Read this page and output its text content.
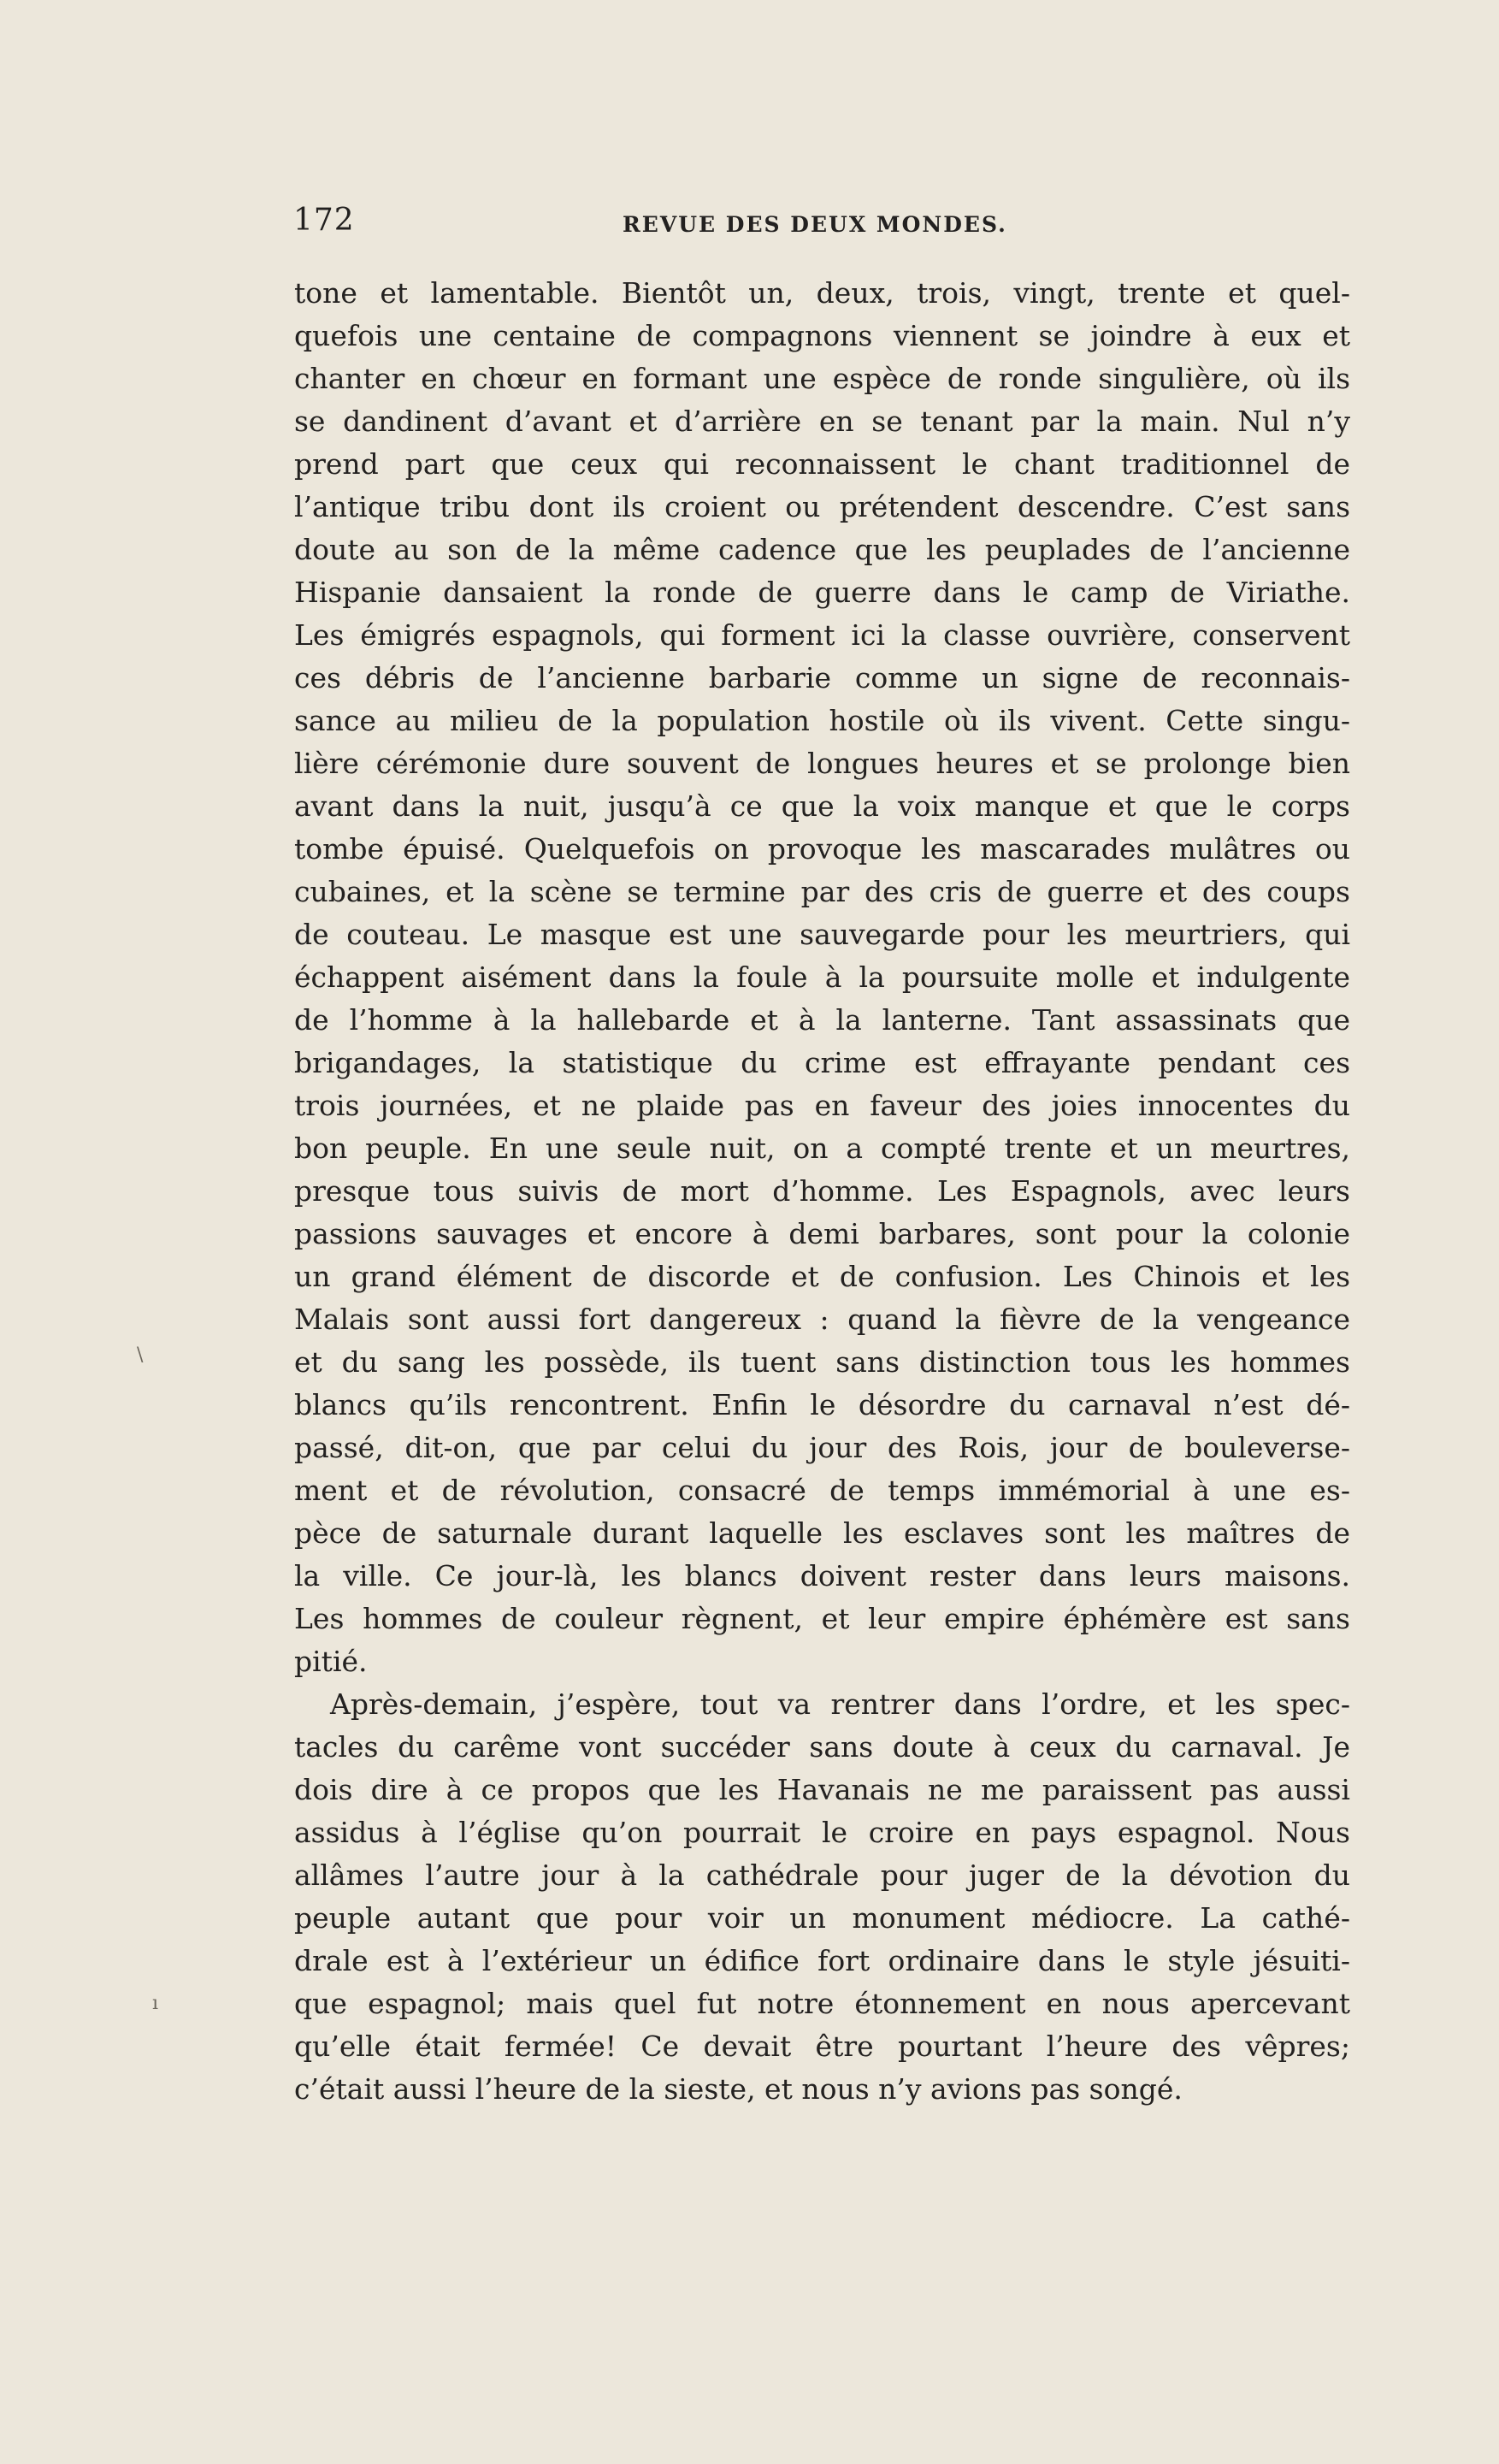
172	REVUE DES DEUX MONDES.
tone et lamentable. Bientôt un, deux, trois, vingt, trente et quel-
quefois une centaine de compagnons viennent se joindre à eux et
chanter en chœur en formant une espèce de ronde singulière, où ils
se dandinent d’avant et d’arrière en se tenant par la main. Nul n’y
prend part que ceux qui reconnaissent le chant traditionnel de
l’antique tribu dont ils croient ou prétendent descendre. C’est sans
doute au son de la même cadence que les peuplades de l’ancienne
Hispanie dansaient la ronde de guerre dans le camp de Viriathe.
Les émigrés espagnols, qui forment ici la classe ouvrière, conservent
ces débris de l’ancienne barbarie comme un signe de reconnais-
sance au milieu de la population hostile où ils vivent. Cette singu-
lière cérémonie dure souvent de longues heures et se prolonge bien
avant dans la nuit, jusqu’à ce que la voix manque et que le corps
tombe épuisé. Quelquefois on provoque les mascarades mulâtres ou
cubaines, et la scène se termine par des cris de guerre et des coups
de couteau. Le masque est une sauvegarde pour les meurtriers, qui
échappent aisément dans la foule à la poursuite molle et indulgente
de l’homme à la hallebarde et à la lanterne. Tant assassinats que
brigandages, la statistique du crime est effrayante pendant ces
trois journées, et ne plaide pas en faveur des joies innocentes du
bon peuple. En une seule nuit, on a compté trente et un meurtres,
presque tous suivis de mort d’homme. Les Espagnols, avec leurs
passions sauvages et encore à demi barbares, sont pour la colonie
un grand élément de discorde et de confusion. Les Chinois et les
Malais sont aussi fort dangereux : quand la fièvre de la vengeance
et du sang les possède, ils tuent sans distinction tous les hommes
blancs qu’ils rencontrent. Enfin le désordre du carnaval n’est dé-
passé, dit-on, que par celui du jour des Rois, jour de bouleverse-
ment et de révolution, consacré de temps immémorial à une es-
pèce de saturnale durant laquelle les esclaves sont les maîtres de
la ville. Ce jour-là, les blancs doivent rester dans leurs maisons.
Les hommes de couleur règnent, et leur empire éphémère est sans
pitié.
Après-demain, j’espère, tout va rentrer dans l’ordre, et les spec-
tacles du carême vont succéder sans doute à ceux du carnaval. Je
dois dire à ce propos que les Havanais ne me paraissent pas aussi
assidus à l’église qu’on pourrait le croire en pays espagnol. Nous
allâmes l’autre jour à la cathédrale pour juger de la dévotion du
peuple autant que pour voir un monument médiocre. La cathé-
drale est à l’extérieur un édifice fort ordinaire dans le style jésuiti-
que espagnol; mais quel fut notre étonnement en nous apercevant
qu’elle était fermée! Ce devait être pourtant l’heure des vêpres;
c’était aussi l’heure de la sieste, et nous n’y avions pas songé.
\
ı
